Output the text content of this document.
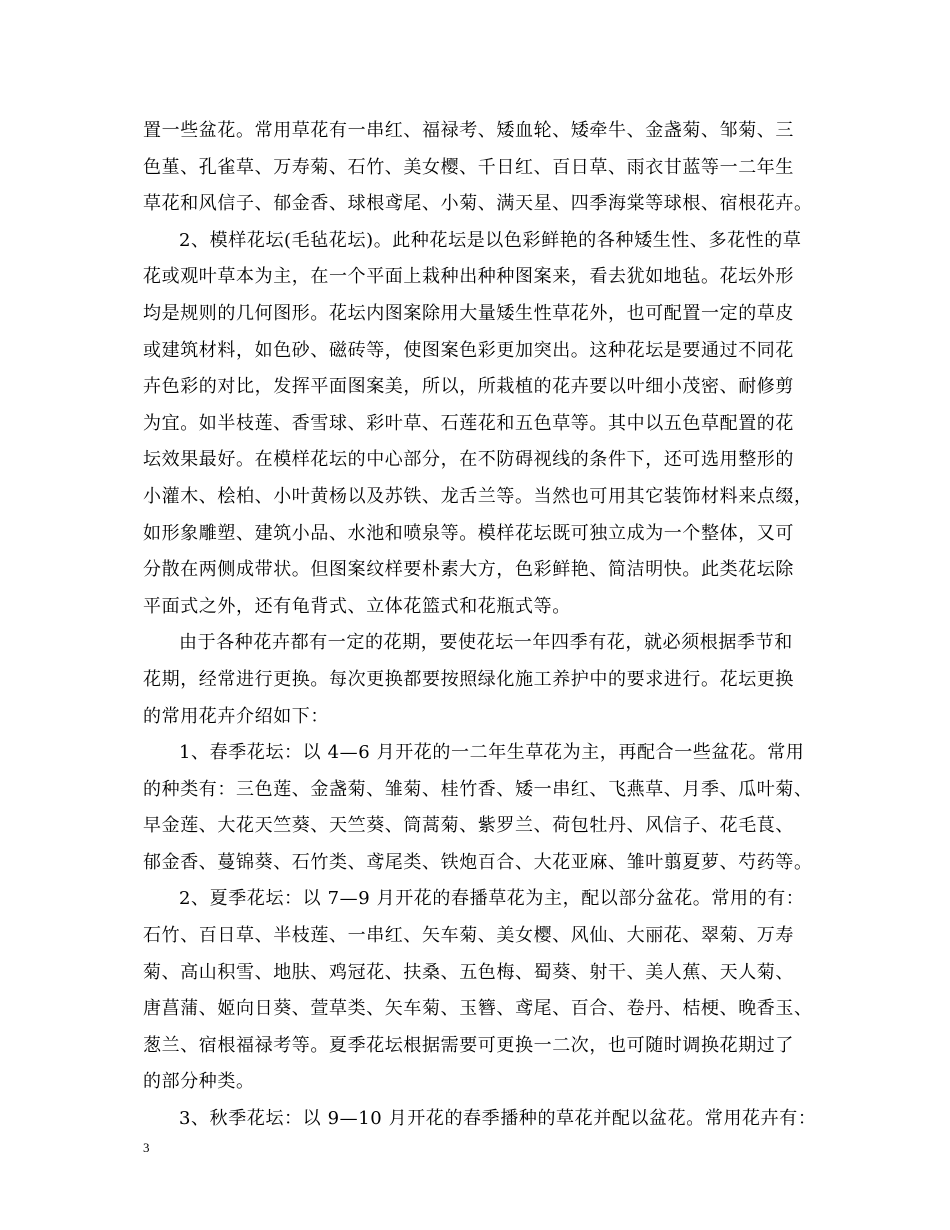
置一些盆花。常用草花有一串红、福禄考、矮血轮、矮牵牛、金盏菊、邹菊、三
色堇、孔雀草、万寿菊、石竹、美女樱、千日红、百日草、雨衣甘蓝等一二年生
草花和风信子、郁金香、球根鸢尾、小菊、满天星、四季海棠等球根、宿根花卉。
2、模样花坛(毛毡花坛)。此种花坛是以色彩鲜艳的各种矮生性、多花性的草
花或观叶草本为主，在一个平面上栽种出种种图案来，看去犹如地毡。花坛外形
均是规则的几何图形。花坛内图案除用大量矮生性草花外，也可配置一定的草皮
或建筑材料，如色砂、磁砖等，使图案色彩更加突出。这种花坛是要通过不同花
卉色彩的对比，发挥平面图案美，所以，所栽植的花卉要以叶细小茂密、耐修剪
为宜。如半枝莲、香雪球、彩叶草、石莲花和五色草等。其中以五色草配置的花
坛效果最好。在模样花坛的中心部分，在不防碍视线的条件下，还可选用整形的
小灌木、桧柏、小叶黄杨以及苏铁、龙舌兰等。当然也可用其它装饰材料来点缀，
如形象雕塑、建筑小品、水池和喷泉等。模样花坛既可独立成为一个整体，又可
分散在两侧成带状。但图案纹样要朴素大方，色彩鲜艳、简洁明快。此类花坛除
平面式之外，还有龟背式、立体花篮式和花瓶式等。
由于各种花卉都有一定的花期，要使花坛一年四季有花，就必须根据季节和
花期，经常进行更换。每次更换都要按照绿化施工养护中的要求进行。花坛更换
的常用花卉介绍如下：
1、春季花坛：以 4—6 月开花的一二年生草花为主，再配合一些盆花。常用
的种类有：三色莲、金盏菊、雏菊、桂竹香、矮一串红、飞燕草、月季、瓜叶菊、
早金莲、大花天竺葵、天竺葵、筒蒿菊、紫罗兰、荷包牡丹、风信子、花毛茛、
郁金香、蔓锦葵、石竹类、鸢尾类、铁炮百合、大花亚麻、雏叶翦夏萝、芍药等。
2、夏季花坛：以 7—9 月开花的春播草花为主，配以部分盆花。常用的有：
石竹、百日草、半枝莲、一串红、矢车菊、美女樱、风仙、大丽花、翠菊、万寿
菊、高山积雪、地肤、鸡冠花、扶桑、五色梅、蜀葵、射干、美人蕉、天人菊、
唐菖蒲、姬向日葵、萱草类、矢车菊、玉簪、鸢尾、百合、卷丹、桔梗、晚香玉、
葱兰、宿根福禄考等。夏季花坛根据需要可更换一二次，也可随时调换花期过了
的部分种类。
3、秋季花坛：以 9—10 月开花的春季播种的草花并配以盆花。常用花卉有：
3
